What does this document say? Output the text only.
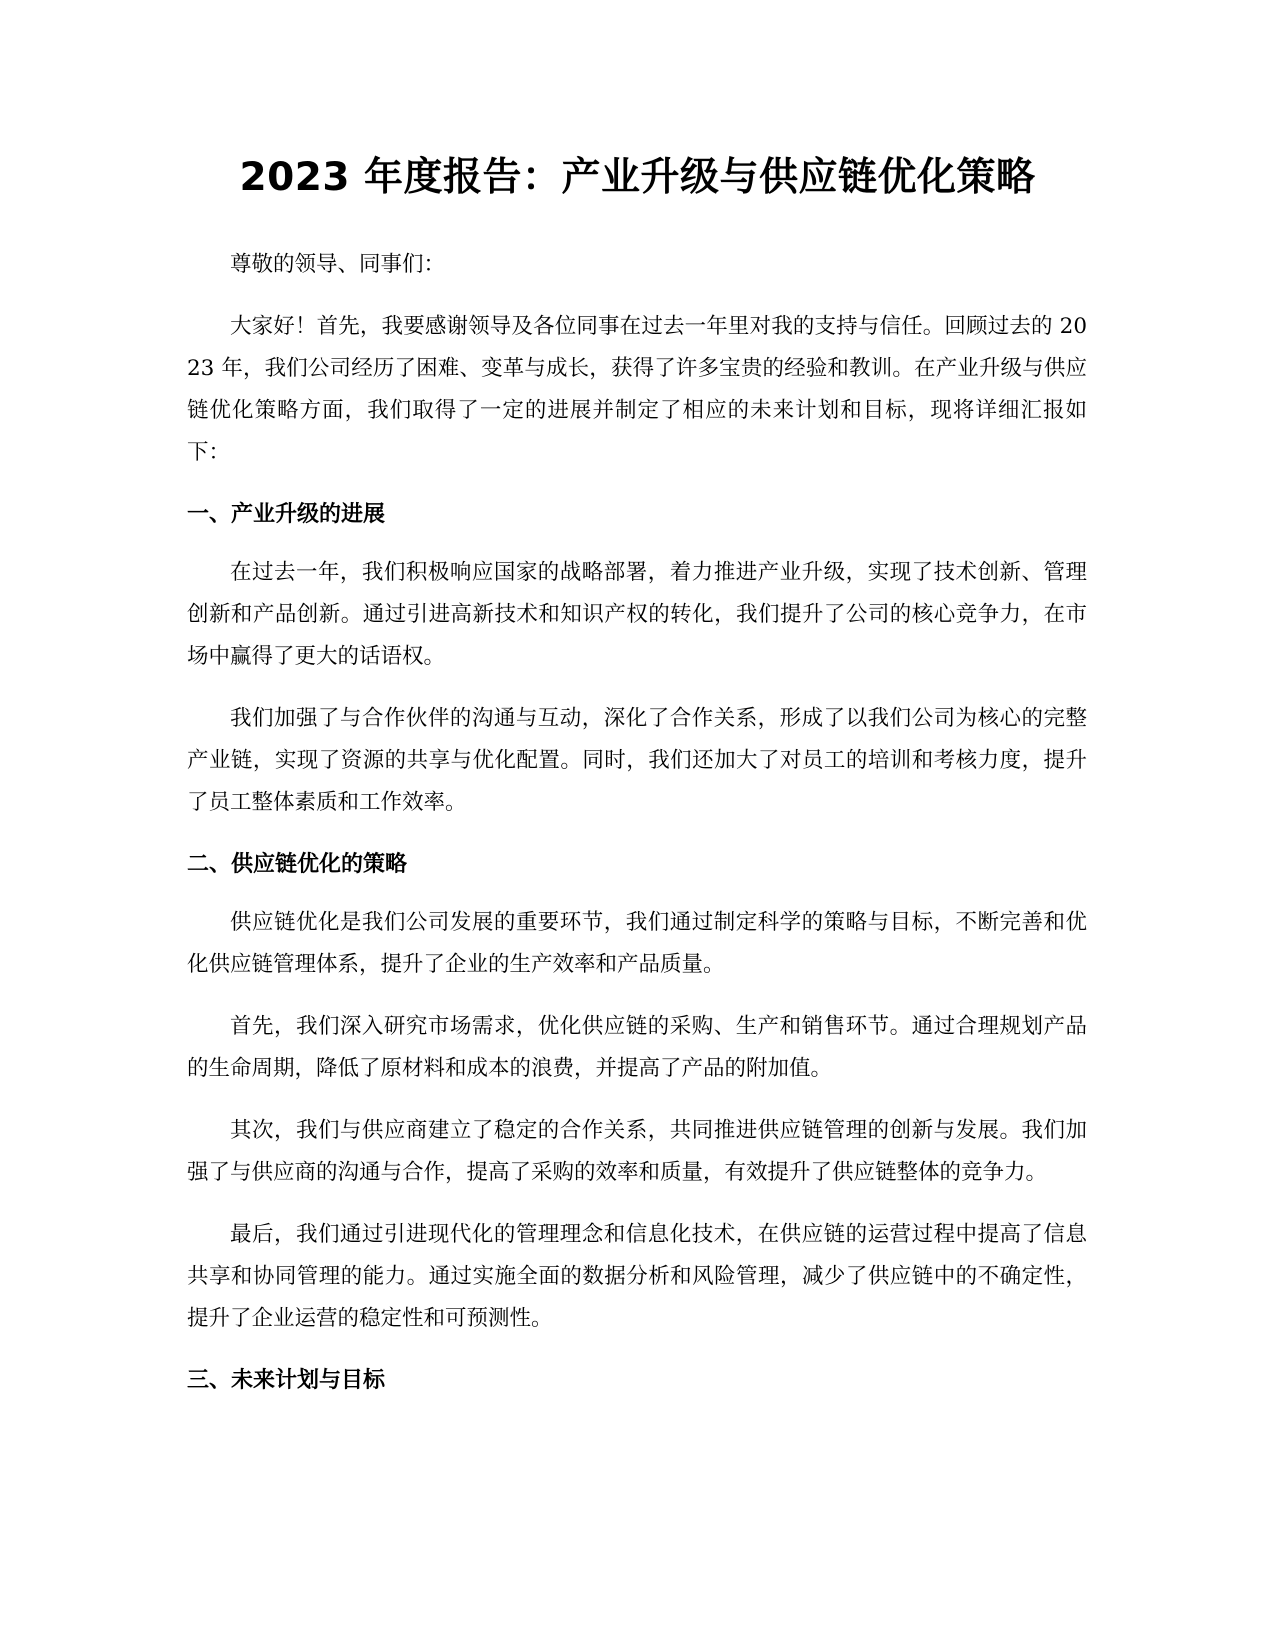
2023 年度报告：产业升级与供应链优化策略

尊敬的领导、同事们：

大家好！首先，我要感谢领导及各位同事在过去一年里对我的支持与信任。回顾过去的 2023 年，我们公司经历了困难、变革与成长，获得了许多宝贵的经验和教训。在产业升级与供应链优化策略方面，我们取得了一定的进展并制定了相应的未来计划和目标，现将详细汇报如下：

一、产业升级的进展

在过去一年，我们积极响应国家的战略部署，着力推进产业升级，实现了技术创新、管理创新和产品创新。通过引进高新技术和知识产权的转化，我们提升了公司的核心竞争力，在市场中赢得了更大的话语权。

我们加强了与合作伙伴的沟通与互动，深化了合作关系，形成了以我们公司为核心的完整产业链，实现了资源的共享与优化配置。同时，我们还加大了对员工的培训和考核力度，提升了员工整体素质和工作效率。

二、供应链优化的策略

供应链优化是我们公司发展的重要环节，我们通过制定科学的策略与目标，不断完善和优化供应链管理体系，提升了企业的生产效率和产品质量。

首先，我们深入研究市场需求，优化供应链的采购、生产和销售环节。通过合理规划产品的生命周期，降低了原材料和成本的浪费，并提高了产品的附加值。

其次，我们与供应商建立了稳定的合作关系，共同推进供应链管理的创新与发展。我们加强了与供应商的沟通与合作，提高了采购的效率和质量，有效提升了供应链整体的竞争力。

最后，我们通过引进现代化的管理理念和信息化技术，在供应链的运营过程中提高了信息共享和协同管理的能力。通过实施全面的数据分析和风险管理，减少了供应链中的不确定性，提升了企业运营的稳定性和可预测性。

三、未来计划与目标
